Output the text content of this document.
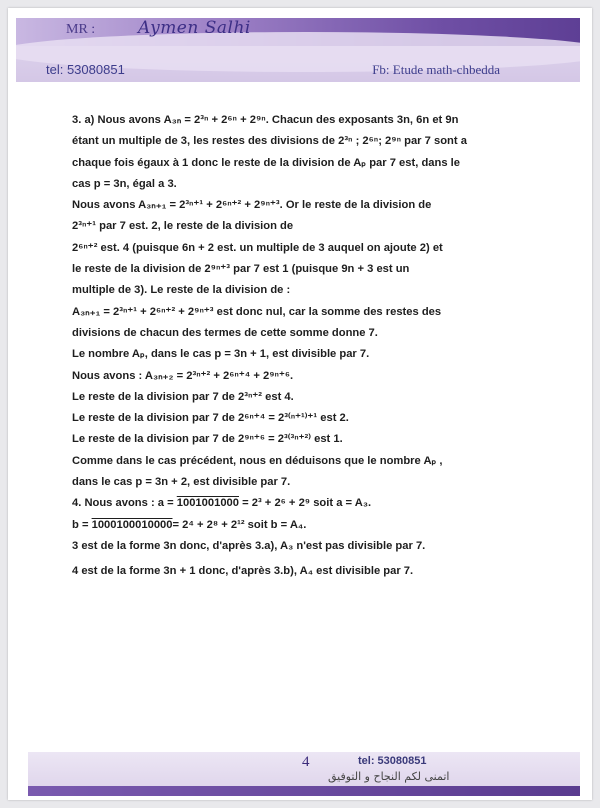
MR :	Aymen Salhi
tel: 53080851	Fb: Etude math-chbedda
3. a) Nous avons A₃ₙ = 2³ⁿ + 2⁶ⁿ + 2⁹ⁿ. Chacun des exposants 3n, 6n et 9n
étant un multiple de 3, les restes des divisions de 2³ⁿ ; 2⁶ⁿ; 2⁹ⁿ par 7 sont a
chaque fois égaux à 1 donc le reste de la division de Aₚ par 7 est, dans le
cas p = 3n, égal a 3.
Nous avons A₃ₙ₊₁ = 2³ⁿ⁺¹ + 2⁶ⁿ⁺² + 2⁹ⁿ⁺³. Or le reste de la division de
2³ⁿ⁺¹ par 7 est. 2, le reste de la division de
2⁶ⁿ⁺² est. 4 (puisque 6n + 2 est. un multiple de 3 auquel on ajoute 2) et
le reste de la division de 2⁹ⁿ⁺³ par 7 est 1 (puisque 9n + 3 est un
multiple de 3). Le reste de la division de :
A₃ₙ₊₁ = 2³ⁿ⁺¹ + 2⁶ⁿ⁺² + 2⁹ⁿ⁺³ est donc nul, car la somme des restes des
divisions de chacun des termes de cette somme donne 7.
Le nombre Aₚ, dans le cas p = 3n + 1, est divisible par 7.
Nous avons : A₃ₙ₊₂ = 2³ⁿ⁺² + 2⁶ⁿ⁺⁴ + 2⁹ⁿ⁺⁶.
Le reste de la division par 7 de 2³ⁿ⁺² est 4.
Le reste de la division par 7 de 2⁶ⁿ⁺⁴ = 2³⁽ⁿ⁺¹⁾⁺¹ est 2.
Le reste de la division par 7 de 2⁹ⁿ⁺⁶ = 2³⁽³ⁿ⁺²⁾ est 1.
Comme dans le cas précédent, nous en déduisons que le nombre Aₚ ,
dans le cas p = 3n + 2, est divisible par 7.
4. Nous avons : a = 1001001000 = 2³ + 2⁶ + 2⁹ soit a = A₃.
b = 1000100010000= 2⁴ + 2⁸ + 2¹² soit b = A₄.
3 est de la forme 3n donc, d'après 3.a), A₃ n'est pas divisible par 7.
4 est de la forme 3n + 1 donc, d'après 3.b), A₄ est divisible par 7.
4	tel: 53080851
اتمنى لكم النجاح و التوفيق
